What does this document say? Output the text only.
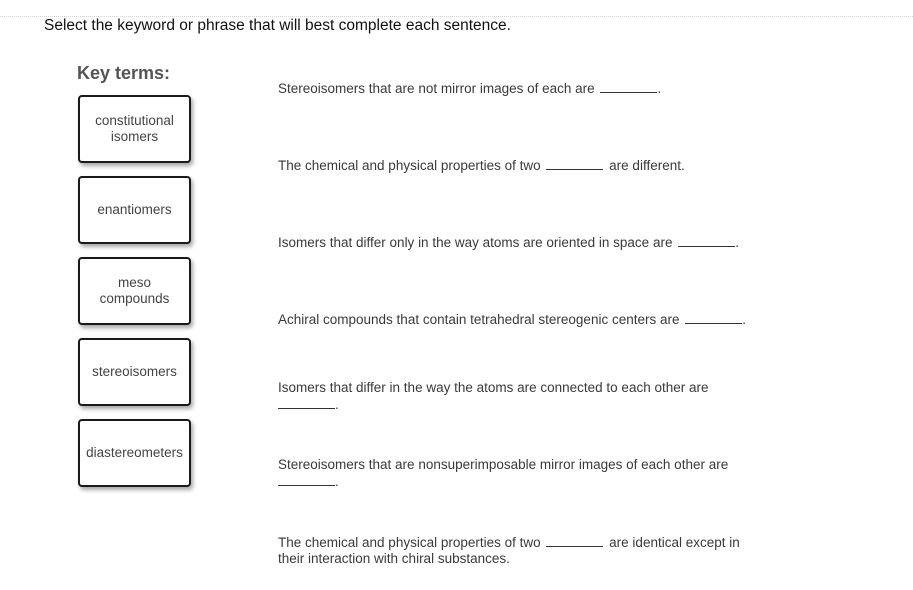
Select the keyword or phrase that will best complete each sentence.
Key terms:
constitutional isomers
enantiomers
meso compounds
stereoisomers
diastereometers
Stereoisomers that are not mirror images of each are	.
The chemical and physical properties of two	are different.
Isomers that differ only in the way atoms are oriented in space are	.
Achiral compounds that contain tetrahedral stereogenic centers are	.
Isomers that differ in the way the atoms are connected to each other are
.
Stereoisomers that are nonsuperimposable mirror images of each other are
.
The chemical and physical properties of two	are identical except in their interaction with chiral substances.
